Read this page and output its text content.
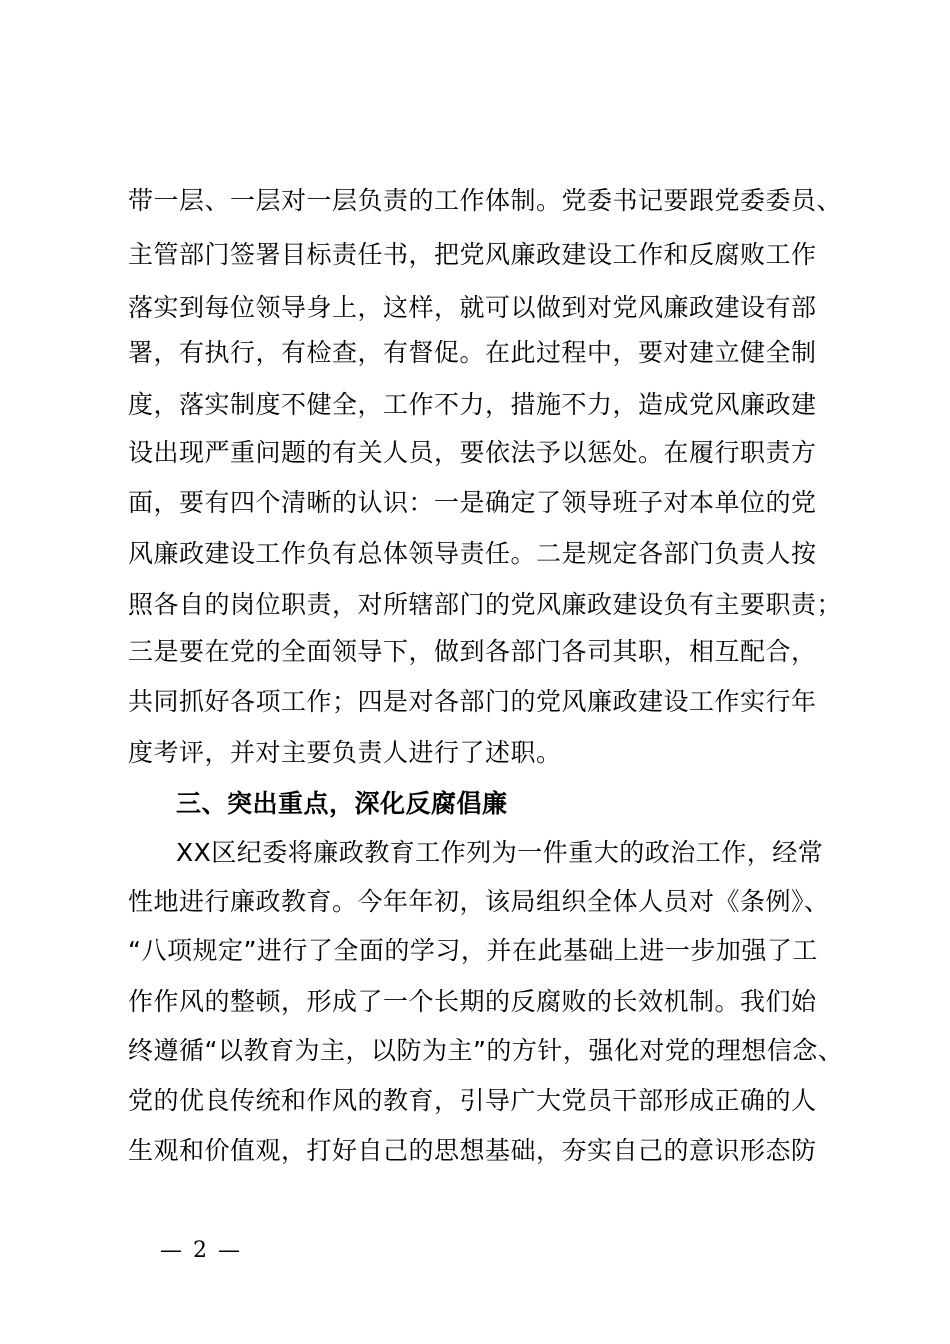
带一层、一层对一层负责的工作体制。党委书记要跟党委委员、
主管部门签署目标责任书，把党风廉政建设工作和反腐败工作
落实到每位领导身上，这样，就可以做到对党风廉政建设有部
署，有执行，有检查，有督促。在此过程中，要对建立健全制
度，落实制度不健全，工作不力，措施不力，造成党风廉政建
设出现严重问题的有关人员，要依法予以惩处。在履行职责方
面，要有四个清晰的认识：一是确定了领导班子对本单位的党
风廉政建设工作负有总体领导责任。二是规定各部门负责人按
照各自的岗位职责，对所辖部门的党风廉政建设负有主要职责；
三是要在党的全面领导下，做到各部门各司其职，相互配合，
共同抓好各项工作；四是对各部门的党风廉政建设工作实行年
度考评，并对主要负责人进行了述职。
三、突出重点，深化反腐倡廉
XX区纪委将廉政教育工作列为一件重大的政治工作，经常
性地进行廉政教育。今年年初，该局组织全体人员对《条例》、
“八项规定”进行了全面的学习，并在此基础上进一步加强了工
作作风的整顿，形成了一个长期的反腐败的长效机制。我们始
终遵循“以教育为主，以防为主”的方针，强化对党的理想信念、
党的优良传统和作风的教育，引导广大党员干部形成正确的人
生观和价值观，打好自己的思想基础，夯实自己的意识形态防
— 2 —
